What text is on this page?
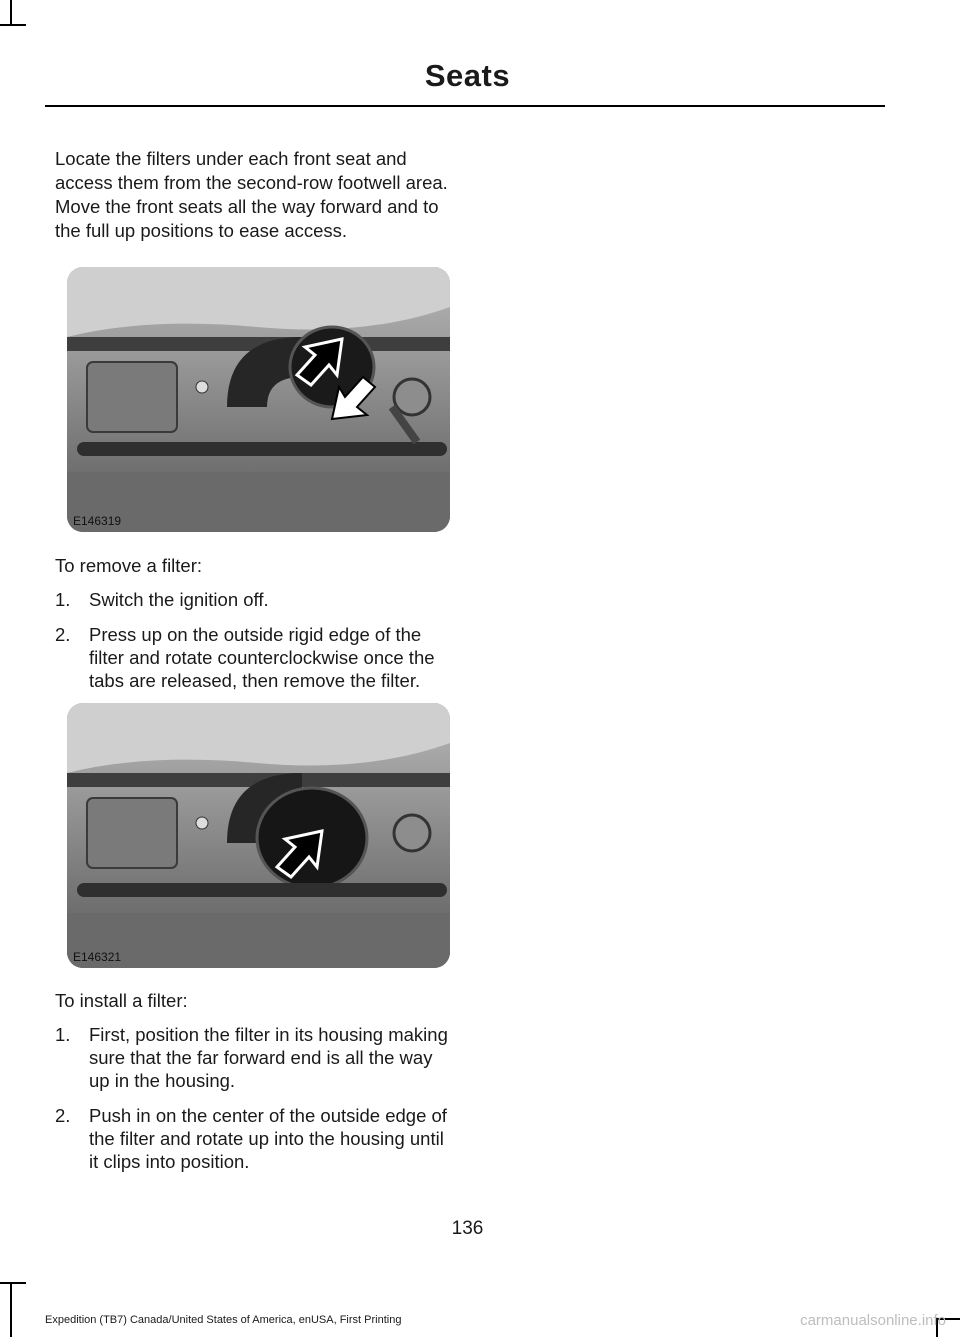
Seats

Locate the filters under each front seat and access them from the second-row footwell area. Move the front seats all the way forward and to the full up positions to ease access.

E146319

To remove a filter:

1. Switch the ignition off.
2. Press up on the outside rigid edge of the filter and rotate counterclockwise once the tabs are released, then remove the filter.
E146321

To install a filter:

1. First, position the filter in its housing making sure that the far forward end is all the way up in the housing.
2. Push in on the center of the outside edge of the filter and rotate up into the housing until it clips into position.
136
Expedition (TB7) Canada/United States of America, enUSA, First Printing	carmanualsonline.info
